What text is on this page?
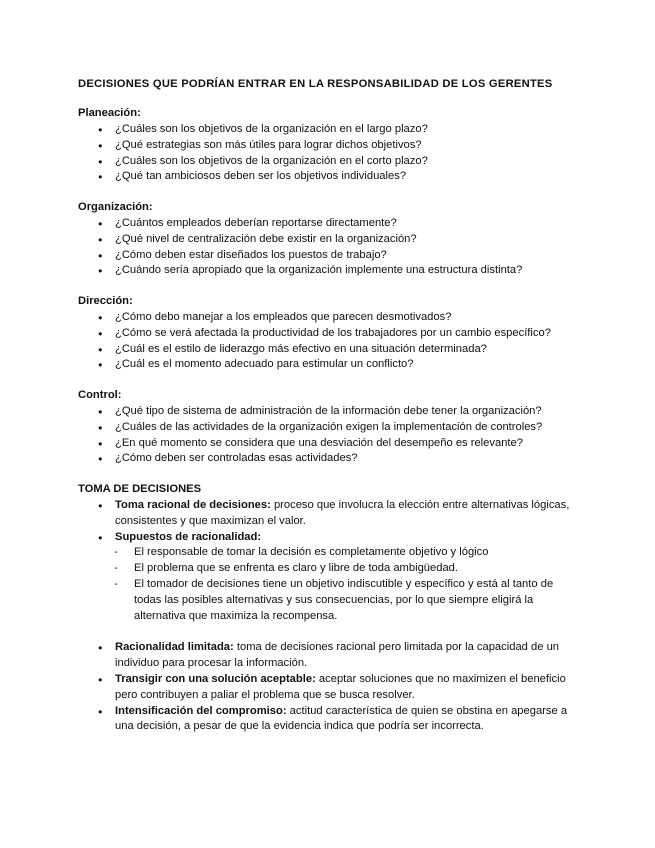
DECISIONES QUE PODRÍAN ENTRAR EN LA RESPONSABILIDAD DE LOS GERENTES
Planeación:
● ¿Cuáles son los objetivos de la organización en el largo plazo?
● ¿Qué estrategias son más útiles para lograr dichos objetivos?
● ¿Cuáles son los objetivos de la organización en el corto plazo?
● ¿Qué tan ambiciosos deben ser los objetivos individuales?
Organización:
● ¿Cuántos empleados deberían reportarse directamente?
● ¿Qué nivel de centralización debe existir en la organización?
● ¿Cómo deben estar diseñados los puestos de trabajo?
● ¿Cuándo sería apropiado que la organización implemente una estructura distinta?
Dirección:
● ¿Cómo debo manejar a los empleados que parecen desmotivados?
● ¿Cómo se verá afectada la productividad de los trabajadores por un cambio específico?
● ¿Cuál es el estilo de liderazgo más efectivo en una situación determinada?
● ¿Cuál es el momento adecuado para estimular un conflicto?
Control:
● ¿Qué tipo de sistema de administración de la información debe tener la organización?
● ¿Cuáles de las actividades de la organización exigen la implementación de controles?
● ¿En qué momento se considera que una desviación del desempeño es relevante?
● ¿Cómo deben ser controladas esas actividades?
TOMA DE DECISIONES
● Toma racional de decisiones: proceso que involucra la elección entre alternativas lógicas, consistentes y que maximizan el valor.
● Supuestos de racionalidad:
- El responsable de tomar la decisión es completamente objetivo y lógico
- El problema que se enfrenta es claro y libre de toda ambigüedad.
- El tomador de decisiones tiene un objetivo indiscutible y específico y está al tanto de todas las posibles alternativas y sus consecuencias, por lo que siempre eligirá la alternativa que maximiza la recompensa.
● Racionalidad limitada: toma de decisiones racional pero limitada por la capacidad de un individuo para procesar la información.
● Transigir con una solución aceptable: aceptar soluciones que no maximizen el beneficio pero contribuyen a paliar el problema que se busca resolver.
● Intensificación del compromiso: actitud característica de quien se obstina en apegarse a una decisión, a pesar de que la evidencia indica que podría ser incorrecta.
